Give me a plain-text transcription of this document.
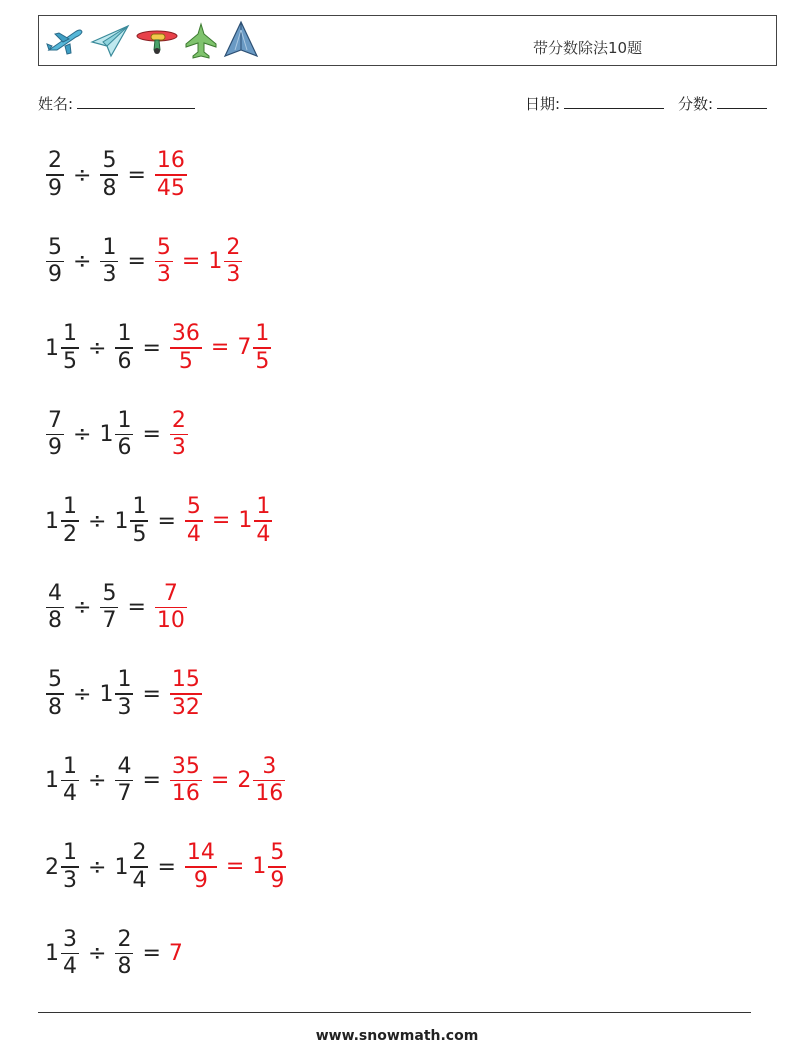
带分数除法10题
姓名:	日期:	分数:
$\frac{2}{9} \div \frac{5}{8} = \frac{16}{45}$
$\frac{5}{9} \div \frac{1}{3} = \frac{5}{3} = 1 \frac{2}{3}$
$1 \frac{1}{5} \div \frac{1}{6} = \frac{36}{5} = 7 \frac{1}{5}$
$\frac{7}{9} \div 1 \frac{1}{6} = \frac{2}{3}$
$1 \frac{1}{2} \div 1 \frac{1}{5} = \frac{5}{4} = 1 \frac{1}{4}$
$\frac{4}{8} \div \frac{5}{7} = \frac{7}{10}$
$\frac{5}{8} \div 1 \frac{1}{3} = \frac{15}{32}$
$1 \frac{1}{4} \div \frac{4}{7} = \frac{35}{16} = 2 \frac{3}{16}$
$2 \frac{1}{3} \div 1 \frac{2}{4} = \frac{14}{9} = 1 \frac{5}{9}$
$1 \frac{3}{4} \div \frac{2}{8} = 7$
www.snowmath.com
